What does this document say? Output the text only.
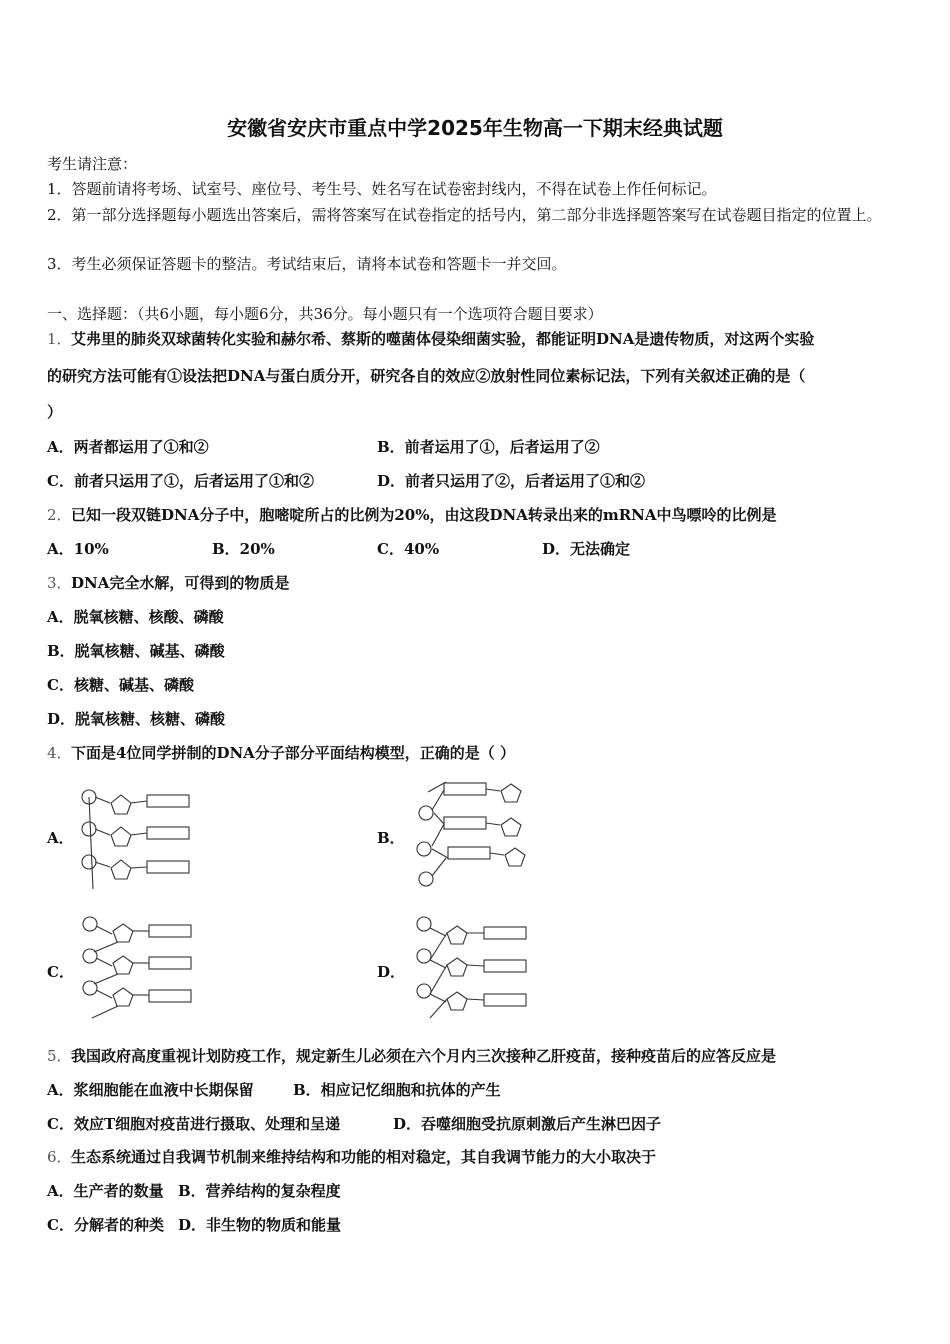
安徽省安庆市重点中学2025年生物高一下期末经典试题
考生请注意：
1．答题前请将考场、试室号、座位号、考生号、姓名写在试卷密封线内，不得在试卷上作任何标记。
2．第一部分选择题每小题选出答案后，需将答案写在试卷指定的括号内，第二部分非选择题答案写在试卷题目指定的位置上。
3．考生必须保证答题卡的整洁。考试结束后，请将本试卷和答题卡一并交回。
一、选择题：（共6小题，每小题6分，共36分。每小题只有一个选项符合题目要求）
1． 艾弗里的肺炎双球菌转化实验和赫尔希、蔡斯的噬菌体侵染细菌实验，都能证明DNA是遗传物质，对这两个实验
的研究方法可能有①设法把DNA与蛋白质分开，研究各自的效应②放射性同位素标记法，下列有关叙述正确的是（
）
A．两者都运用了①和②	B．前者运用了①，后者运用了②
C．前者只运用了①，后者运用了①和②	D．前者只运用了②，后者运用了①和②
2． 已知一段双链DNA分子中，胞嘧啶所占的比例为20%，由这段DNA转录出来的mRNA中鸟嘌呤的比例是
A．10%	B．20%	C．40%	D．无法确定
3． DNA完全水解，可得到的物质是
A．脱氧核糖、核酸、磷酸
B．脱氧核糖、碱基、磷酸
C．核糖、碱基、磷酸
D．脱氧核糖、核糖、磷酸
4． 下面是4位同学拼制的DNA分子部分平面结构模型，正确的是（ ）
A．	B．
C．	D．
5． 我国政府高度重视计划防疫工作，规定新生儿必须在六个月内三次接种乙肝疫苗，接种疫苗后的应答反应是
A．浆细胞能在血液中长期保留	B．相应记忆细胞和抗体的产生
C．效应T细胞对疫苗进行摄取、处理和呈递	D．吞噬细胞受抗原刺激后产生淋巴因子
6． 生态系统通过自我调节机制来维持结构和功能的相对稳定，其自我调节能力的大小取决于
A．生产者的数量 B．营养结构的复杂程度
C．分解者的种类 D．非生物的物质和能量
